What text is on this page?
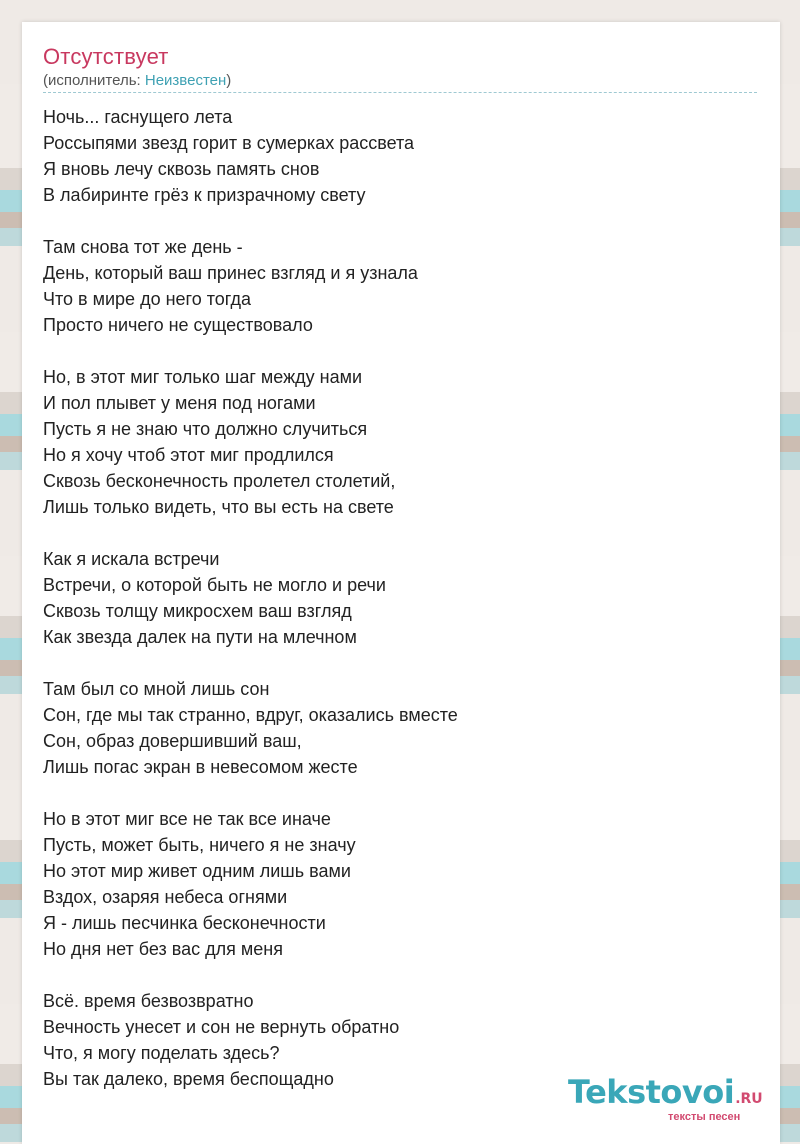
Отсутствует
(исполнитель: Неизвестен)
Ночь... гаснущего лета
Россыпями звезд горит в сумерках рассвета
Я вновь лечу сквозь память снов
В лабиринте грёз к призрачному свету
Там снова тот же день -
День, который ваш принес взгляд и я узнала
Что в мире до него тогда
Просто ничего не существовало
Но, в этот миг только шаг между нами
И пол плывет у меня под ногами
Пусть я не знаю что должно случиться
Но я хочу чтоб этот миг продлился
Сквозь бесконечность пролетел столетий,
Лишь только видеть, что вы есть на свете
Как я искала встречи
Встречи, о которой быть не могло и речи
Сквозь толщу микросхем ваш взгляд
Как звезда далек на пути на млечном
Там был со мной лишь сон
Сон, где мы так странно, вдруг, оказались вместе
Сон, образ довершивший ваш,
Лишь погас экран в невесомом жесте
Но в этот миг все не так все иначе
Пусть, может быть, ничего я не значу
Но этот мир живет одним лишь вами
Вздох, озаряя небеса огнями
Я - лишь песчинка бесконечности
Но дня нет без вас для меня
Всё. время безвозвратно
Вечность унесет и сон не вернуть обратно
Что, я могу поделать здесь?
Вы так далеко, время беспощадно	Tekstovoi.RU
тексты песен
